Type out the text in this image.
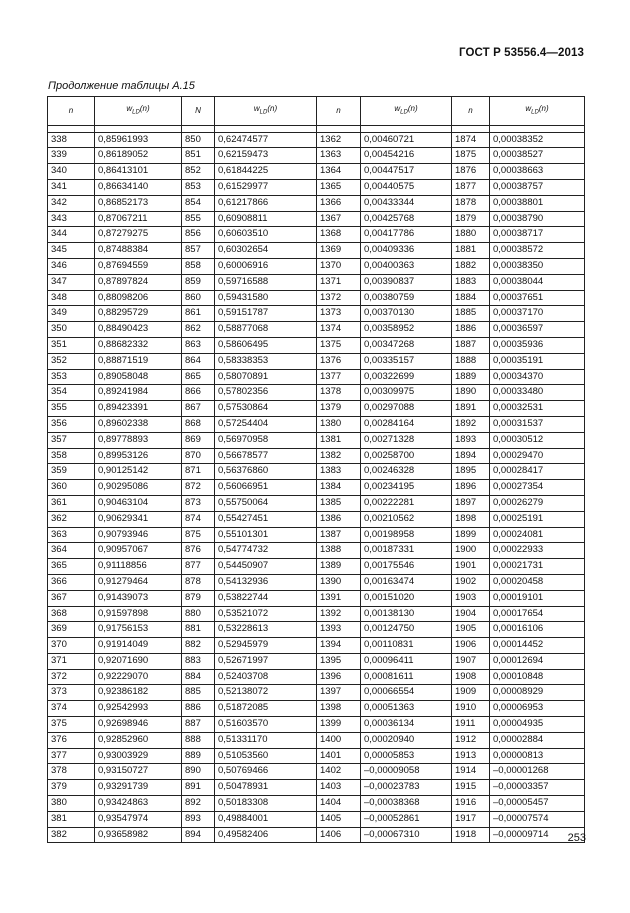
ГОСТ Р 53556.4—2013
Продолжение таблицы А.15
n	$w_{LD}(n)$	N	$w_{LD}(n)$	n	$w_{LD}(n)$	n	$w_{LD}(n)$

338	0,85961993	850	0,62474577	1362	0,00460721	1874	0,00038352
339	0,86189052	851	0,62159473	1363	0,00454216	1875	0,00038527
340	0,86413101	852	0,61844225	1364	0,00447517	1876	0,00038663
341	0,86634140	853	0,61529977	1365	0,00440575	1877	0,00038757
342	0,86852173	854	0,61217866	1366	0,00433344	1878	0,00038801
343	0,87067211	855	0,60908811	1367	0,00425768	1879	0,00038790
344	0,87279275	856	0,60603510	1368	0,00417786	1880	0,00038717
345	0,87488384	857	0,60302654	1369	0,00409336	1881	0,00038572
346	0,87694559	858	0,60006916	1370	0,00400363	1882	0,00038350
347	0,87897824	859	0,59716588	1371	0,00390837	1883	0,00038044
348	0,88098206	860	0,59431580	1372	0,00380759	1884	0,00037651
349	0,88295729	861	0,59151787	1373	0,00370130	1885	0,00037170
350	0,88490423	862	0,58877068	1374	0,00358952	1886	0,00036597
351	0,88682332	863	0,58606495	1375	0,00347268	1887	0,00035936
352	0,88871519	864	0,58338353	1376	0,00335157	1888	0,00035191
353	0,89058048	865	0,58070891	1377	0,00322699	1889	0,00034370
354	0,89241984	866	0,57802356	1378	0,00309975	1890	0,00033480
355	0,89423391	867	0,57530864	1379	0,00297088	1891	0,00032531
356	0,89602338	868	0,57254404	1380	0,00284164	1892	0,00031537
357	0,89778893	869	0,56970958	1381	0,00271328	1893	0,00030512
358	0,89953126	870	0,56678577	1382	0,00258700	1894	0,00029470
359	0,90125142	871	0,56376860	1383	0,00246328	1895	0,00028417
360	0,90295086	872	0,56066951	1384	0,00234195	1896	0,00027354
361	0,90463104	873	0,55750064	1385	0,00222281	1897	0,00026279
362	0,90629341	874	0,55427451	1386	0,00210562	1898	0,00025191
363	0,90793946	875	0,55101301	1387	0,00198958	1899	0,00024081
364	0,90957067	876	0,54774732	1388	0,00187331	1900	0,00022933
365	0,91118856	877	0,54450907	1389	0,00175546	1901	0,00021731
366	0,91279464	878	0,54132936	1390	0,00163474	1902	0,00020458
367	0,91439073	879	0,53822744	1391	0,00151020	1903	0,00019101
368	0,91597898	880	0,53521072	1392	0,00138130	1904	0,00017654
369	0,91756153	881	0,53228613	1393	0,00124750	1905	0,00016106
370	0,91914049	882	0,52945979	1394	0,00110831	1906	0,00014452
371	0,92071690	883	0,52671997	1395	0,00096411	1907	0,00012694
372	0,92229070	884	0,52403708	1396	0,00081611	1908	0,00010848
373	0,92386182	885	0,52138072	1397	0,00066554	1909	0,00008929
374	0,92542993	886	0,51872085	1398	0,00051363	1910	0,00006953
375	0,92698946	887	0,51603570	1399	0,00036134	1911	0,00004935
376	0,92852960	888	0,51331170	1400	0,00020940	1912	0,00002884
377	0,93003929	889	0,51053560	1401	0,00005853	1913	0,00000813
378	0,93150727	890	0,50769466	1402	–0,00009058	1914	–0,00001268
379	0,93291739	891	0,50478931	1403	–0,00023783	1915	–0,00003357
380	0,93424863	892	0,50183308	1404	–0,00038368	1916	–0,00005457
381	0,93547974	893	0,49884001	1405	–0,00052861	1917	–0,00007574
382	0,93658982	894	0,49582406	1406	–0,00067310	1918	–0,00009714 253
